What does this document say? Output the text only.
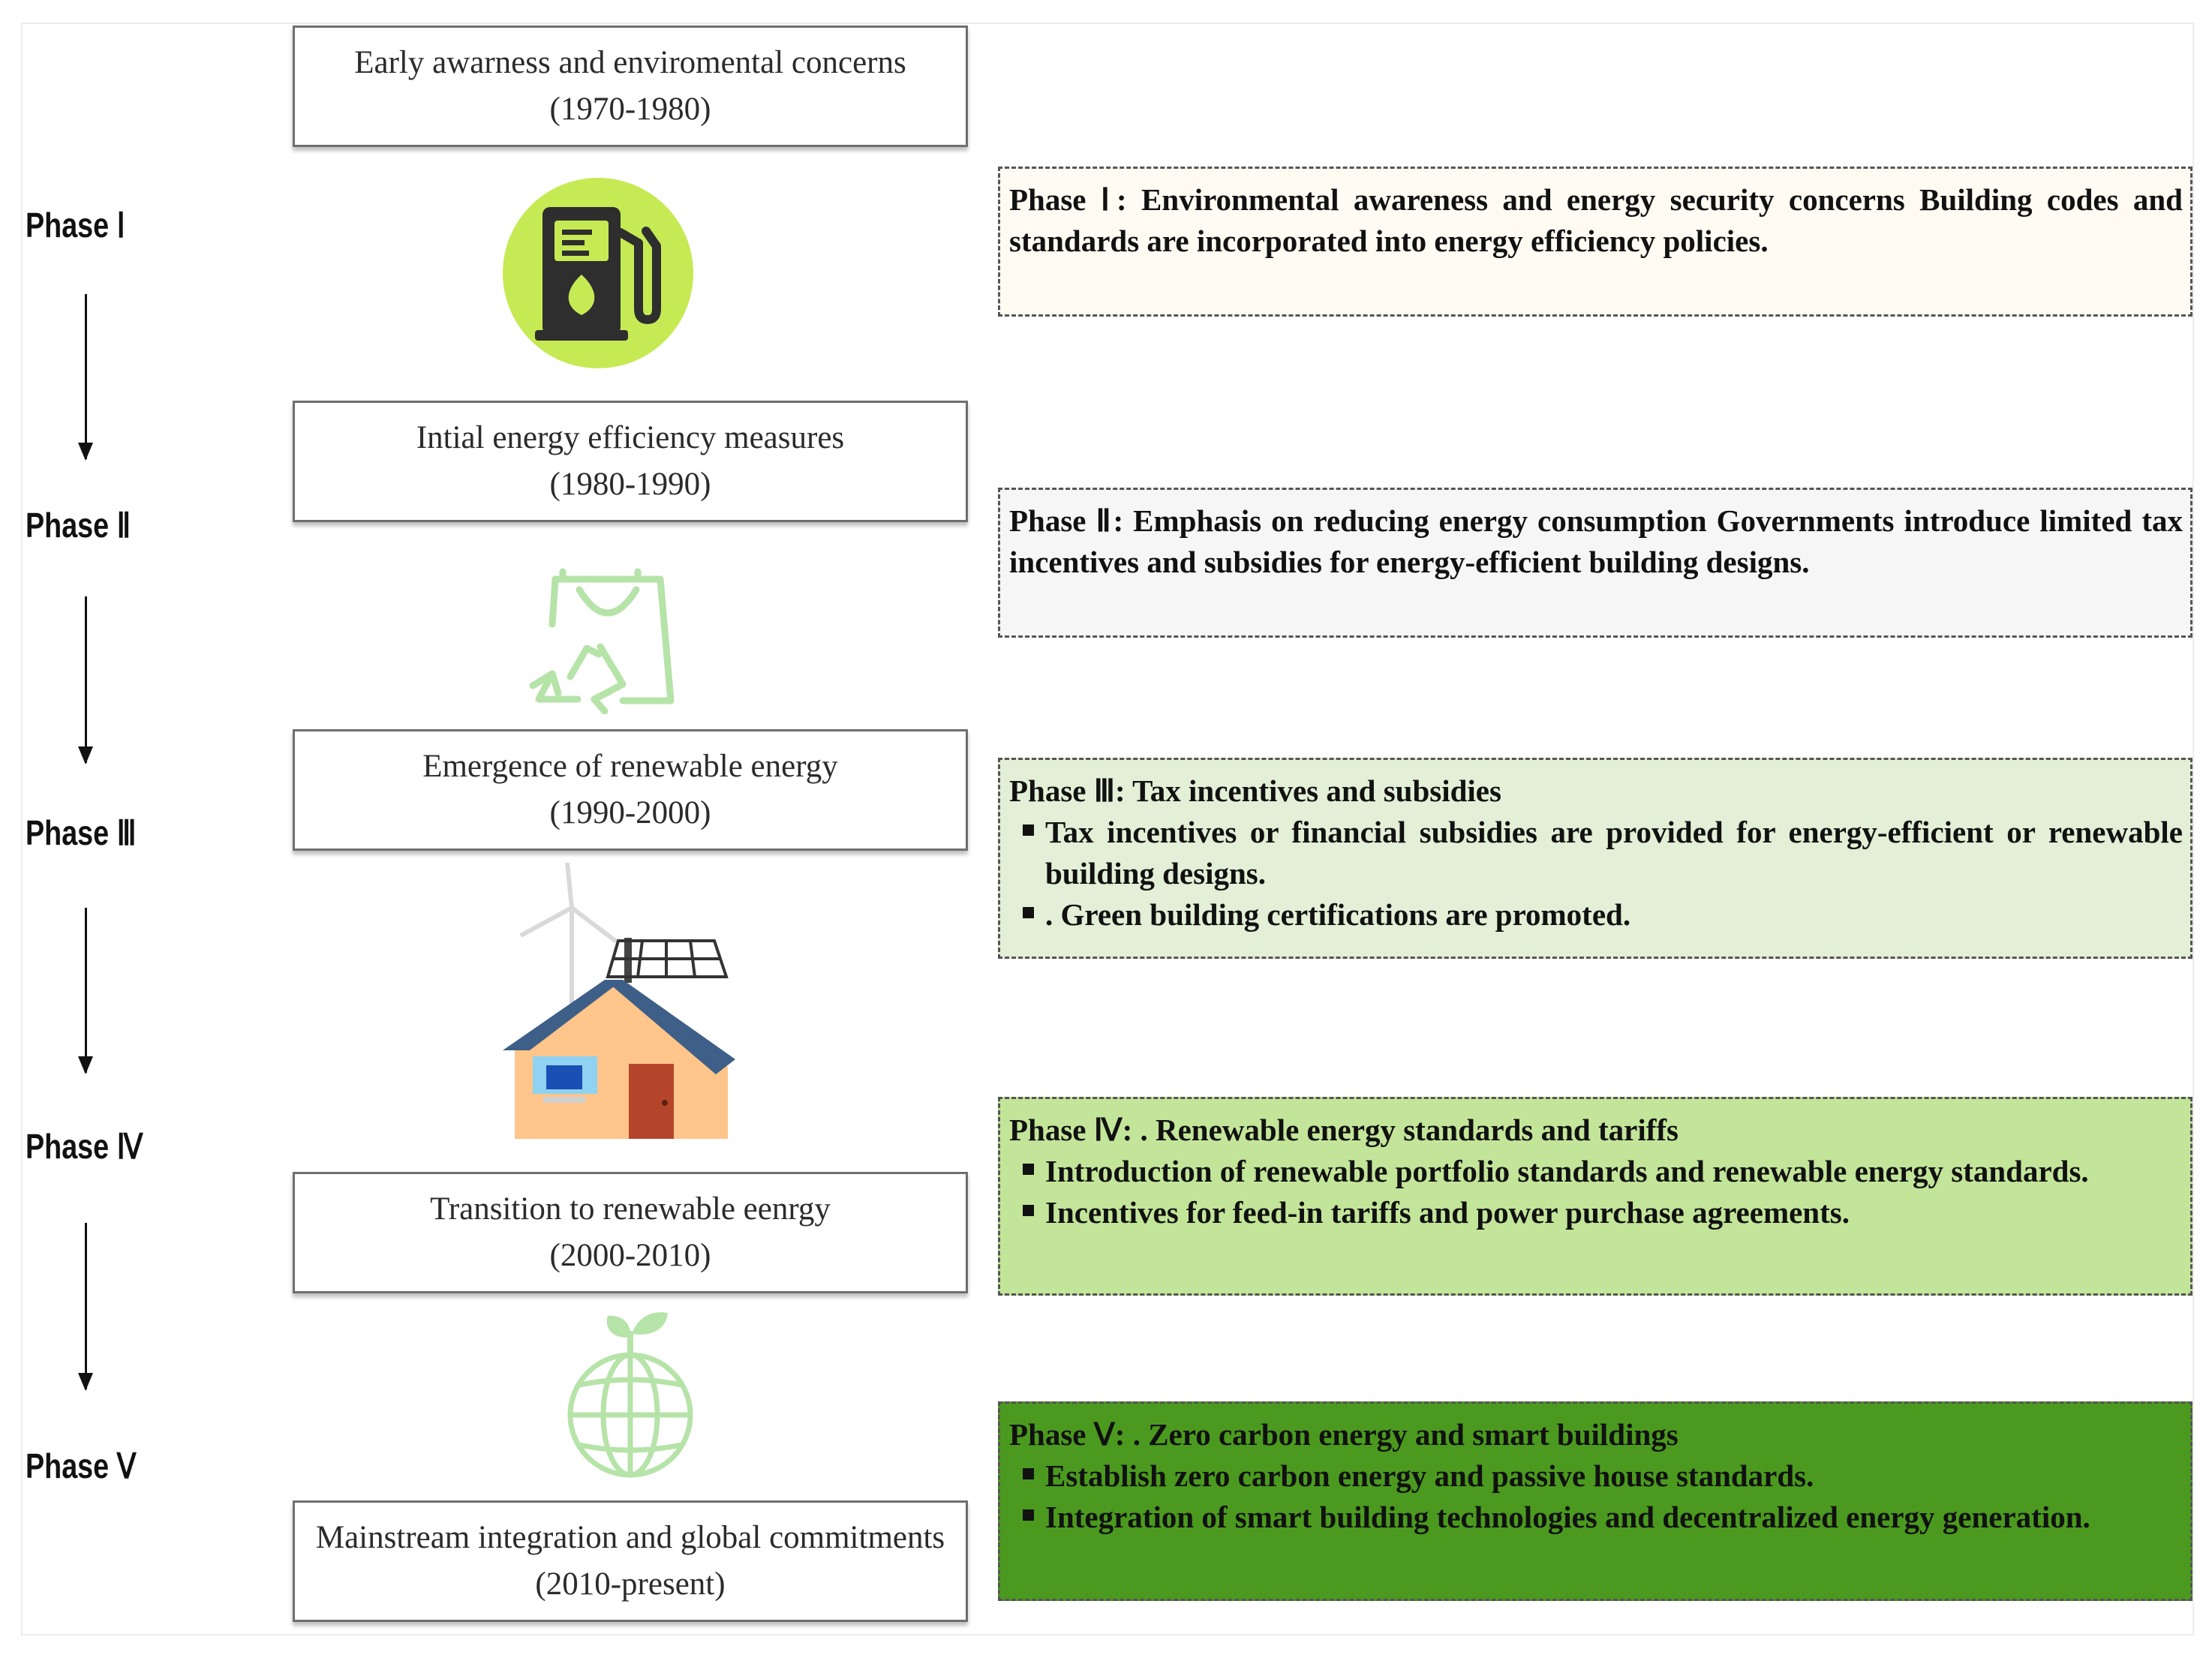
Early awarness and enviromental concerns
(1970-1980)
Intial energy efficiency measures
(1980-1990)
Emergence of renewable energy
(1990-2000)
Transition to renewable eenrgy
(2000-2010)
Mainstream integration and global commitments
(2010-present)
Phase Ⅰ
Phase Ⅱ
Phase Ⅲ
Phase Ⅳ
Phase Ⅴ
Phase Ⅰ: Environmental awareness and energy security concerns Building codes and standards are incorporated into energy efficiency policies.
Phase Ⅱ: Emphasis on reducing energy consumption Governments introduce limited tax incentives and subsidies for energy-efficient building designs.
Phase Ⅲ: Tax incentives and subsidies
Tax incentives or financial subsidies are provided for energy-efficient or renewable building designs.
. Green building certifications are promoted.
Phase Ⅳ: . Renewable energy standards and tariffs
Introduction of renewable portfolio standards and renewable energy standards.
Incentives for feed-in tariffs and power purchase agreements.
Phase Ⅴ: . Zero carbon energy and smart buildings
Establish zero carbon energy and passive house standards.
Integration of smart building technologies and decentralized energy generation.
